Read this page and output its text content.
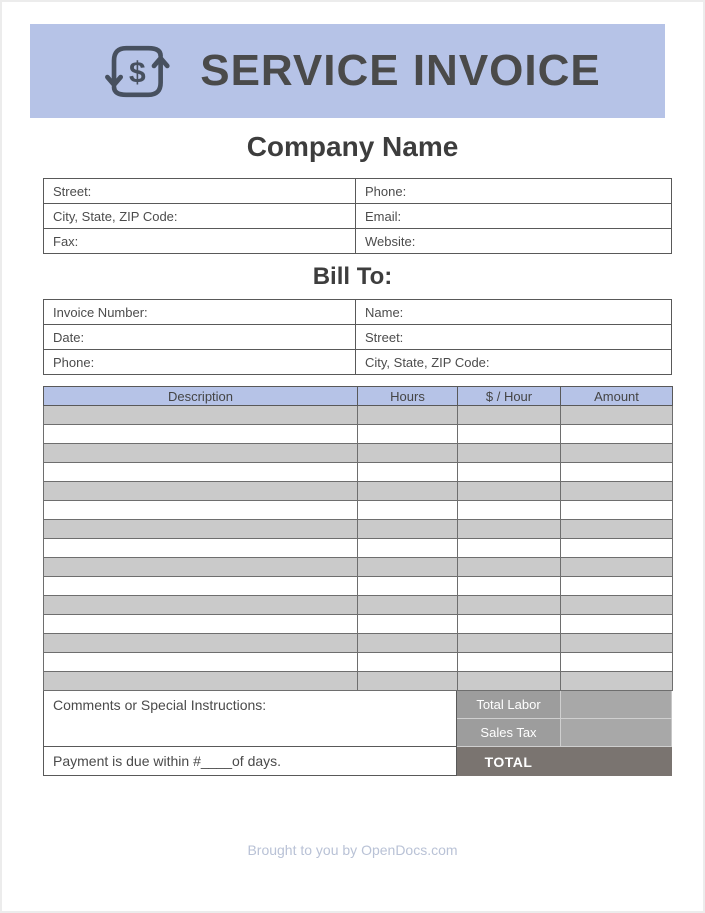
$ SERVICE INVOICE
Company Name
Street:	Phone:
City, State, ZIP Code:	Email:
Fax:	Website:
Bill To:
Invoice Number:	Name:
Date:	Street:
Phone:	City, State, ZIP Code:
Description	Hours	$ / Hour	Amount

Comments or Special Instructions:
Payment is due within #____of days.
Total Labor
Sales Tax
TOTAL
Brought to you by OpenDocs.com
